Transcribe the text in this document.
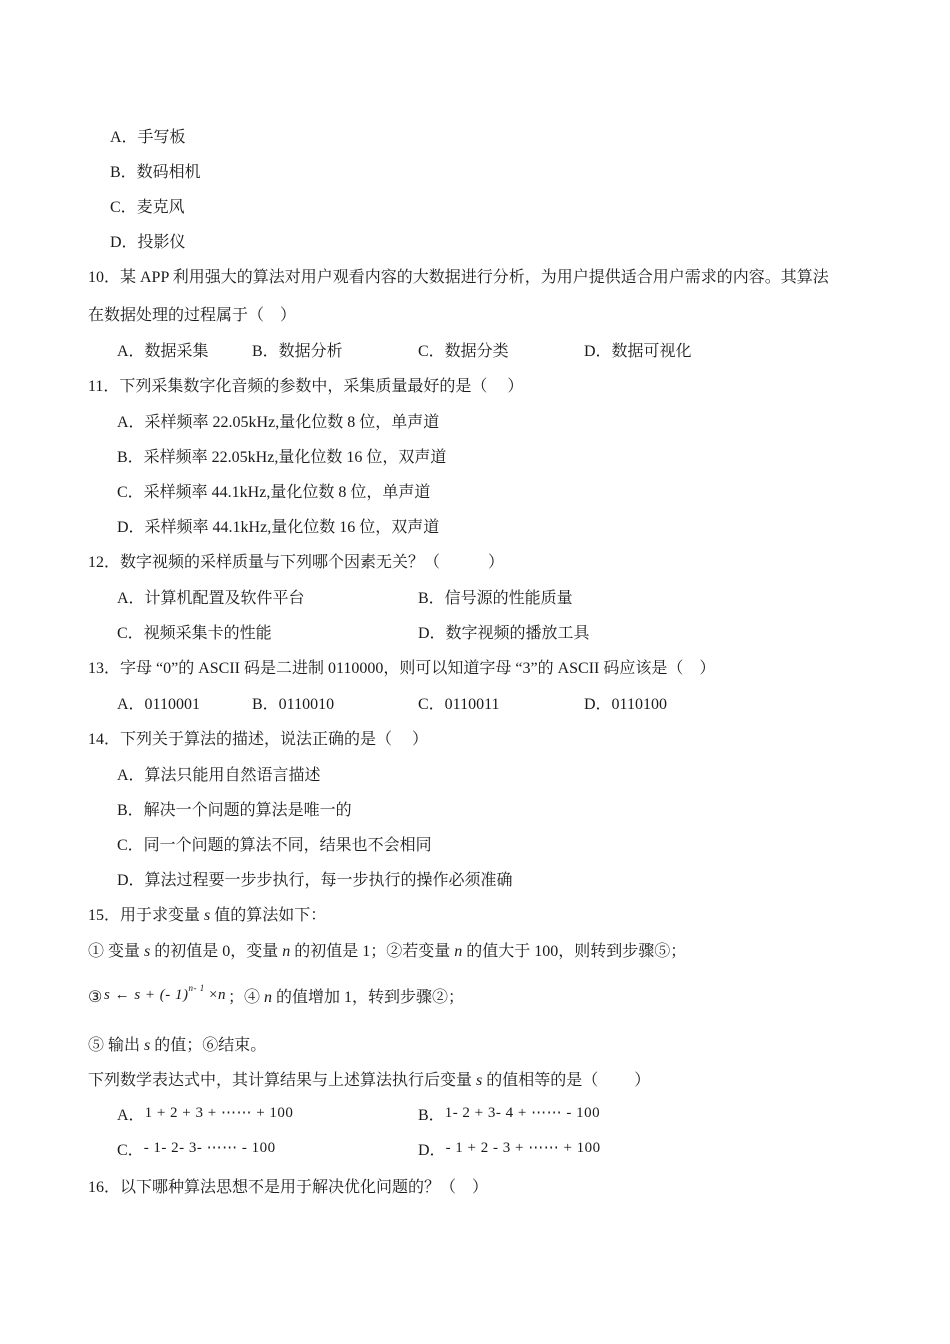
A．手写板
B．数码相机
C．麦克风
D．投影仪
10．某 APP 利用强大的算法对用户观看内容的大数据进行分析，为用户提供适合用户需求的内容。其算法
在数据处理的过程属于（　）
A．数据采集	B．数据分析	C．数据分类	D．数据可视化
11．下列采集数字化音频的参数中，采集质量最好的是（　 ）
A．采样频率 22.05kHz,量化位数 8 位，单声道
B．采样频率 22.05kHz,量化位数 16 位，双声道
C．采样频率 44.1kHz,量化位数 8 位，单声道
D．采样频率 44.1kHz,量化位数 16 位，双声道
12．数字视频的采样质量与下列哪个因素无关？（　　　）
A．计算机配置及软件平台	B．信号源的性能质量
C．视频采集卡的性能	D．数字视频的播放工具
13．字母 “0”的 ASCII 码是二进制 0110000，则可以知道字母 “3”的 ASCII 码应该是（　）
A．0110001	B．0110010	C．0110011	D．0110100
14．下列关于算法的描述，说法正确的是（　 ）
A．算法只能用自然语言描述
B．解决一个问题的算法是唯一的
C．同一个问题的算法不同，结果也不会相同
D．算法过程要一步步执行，每一步执行的操作必须准确
15．用于求变量 s 值的算法如下：
① 变量 s 的初值是 0，变量 n 的初值是 1；②若变量 n 的值大于 100，则转到步骤⑤；
③ s ← s + (- 1)$^{n- 1}$ ×n ；④ n 的值增加 1，转到步骤②；
⑤ 输出 s 的值；⑥结束。
下列数学表达式中，其计算结果与上述算法执行后变量 s 的值相等的是（　　 ）
A．1 + 2 + 3 + ⋯⋯ + 100	B．1- 2 + 3- 4 + ⋯⋯ - 100
C．- 1- 2- 3- ⋯⋯ - 100	D．- 1 + 2 - 3 + ⋯⋯ + 100
16．以下哪种算法思想不是用于解决优化问题的？（　）
